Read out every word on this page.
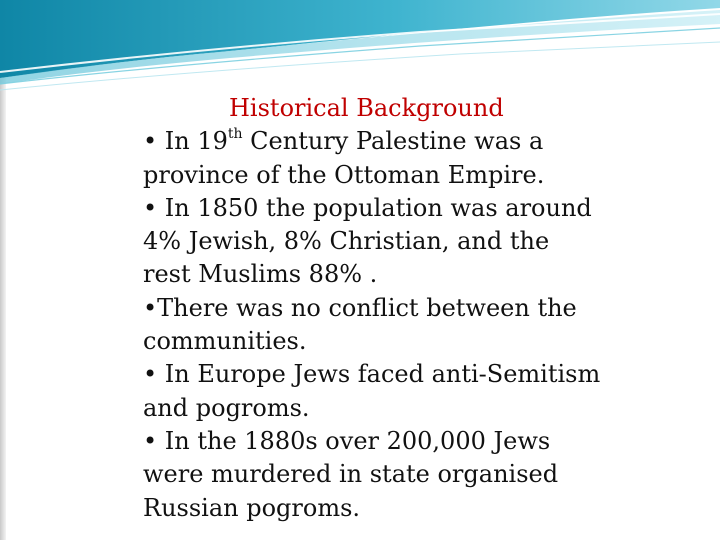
Historical Background
• In 19th Century Palestine was a
province of the Ottoman Empire.
• In 1850 the population was around
4% Jewish, 8% Christian, and the
rest Muslims 88% .
•There was no conflict between the
communities.
• In Europe Jews faced anti-Semitism
and pogroms.
• In the 1880s over 200,000 Jews
were murdered in state organised
Russian pogroms.
